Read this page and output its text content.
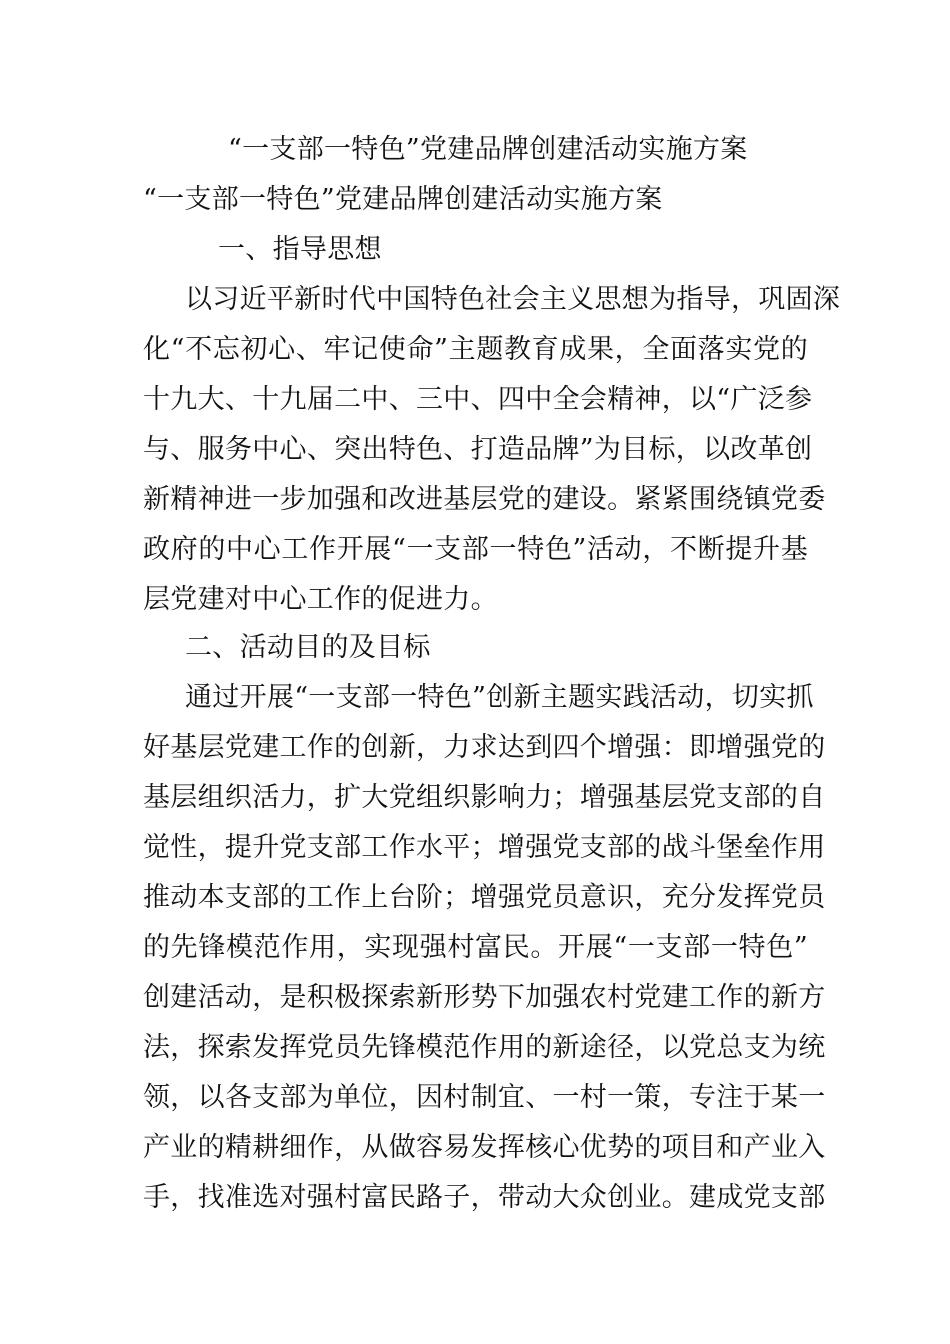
“一支部一特色”党建品牌创建活动实施方案
“一支部一特色”党建品牌创建活动实施方案
一、指导思想
以习近平新时代中国特色社会主义思想为指导，巩固深
化“不忘初心、牢记使命”主题教育成果，全面落实党的
十九大、十九届二中、三中、四中全会精神，以“广泛参
与、服务中心、突出特色、打造品牌”为目标，以改革创
新精神进一步加强和改进基层党的建设。紧紧围绕镇党委
政府的中心工作开展“一支部一特色”活动，不断提升基
层党建对中心工作的促进力。
二、活动目的及目标
通过开展“一支部一特色”创新主题实践活动，切实抓
好基层党建工作的创新，力求达到四个增强：即增强党的
基层组织活力，扩大党组织影响力；增强基层党支部的自
觉性，提升党支部工作水平；增强党支部的战斗堡垒作用
推动本支部的工作上台阶；增强党员意识，充分发挥党员
的先锋模范作用，实现强村富民。开展“一支部一特色”
创建活动，是积极探索新形势下加强农村党建工作的新方
法，探索发挥党员先锋模范作用的新途径，以党总支为统
领，以各支部为单位，因村制宜、一村一策，专注于某一
产业的精耕细作，从做容易发挥核心优势的项目和产业入
手，找准选对强村富民路子，带动大众创业。建成党支部
